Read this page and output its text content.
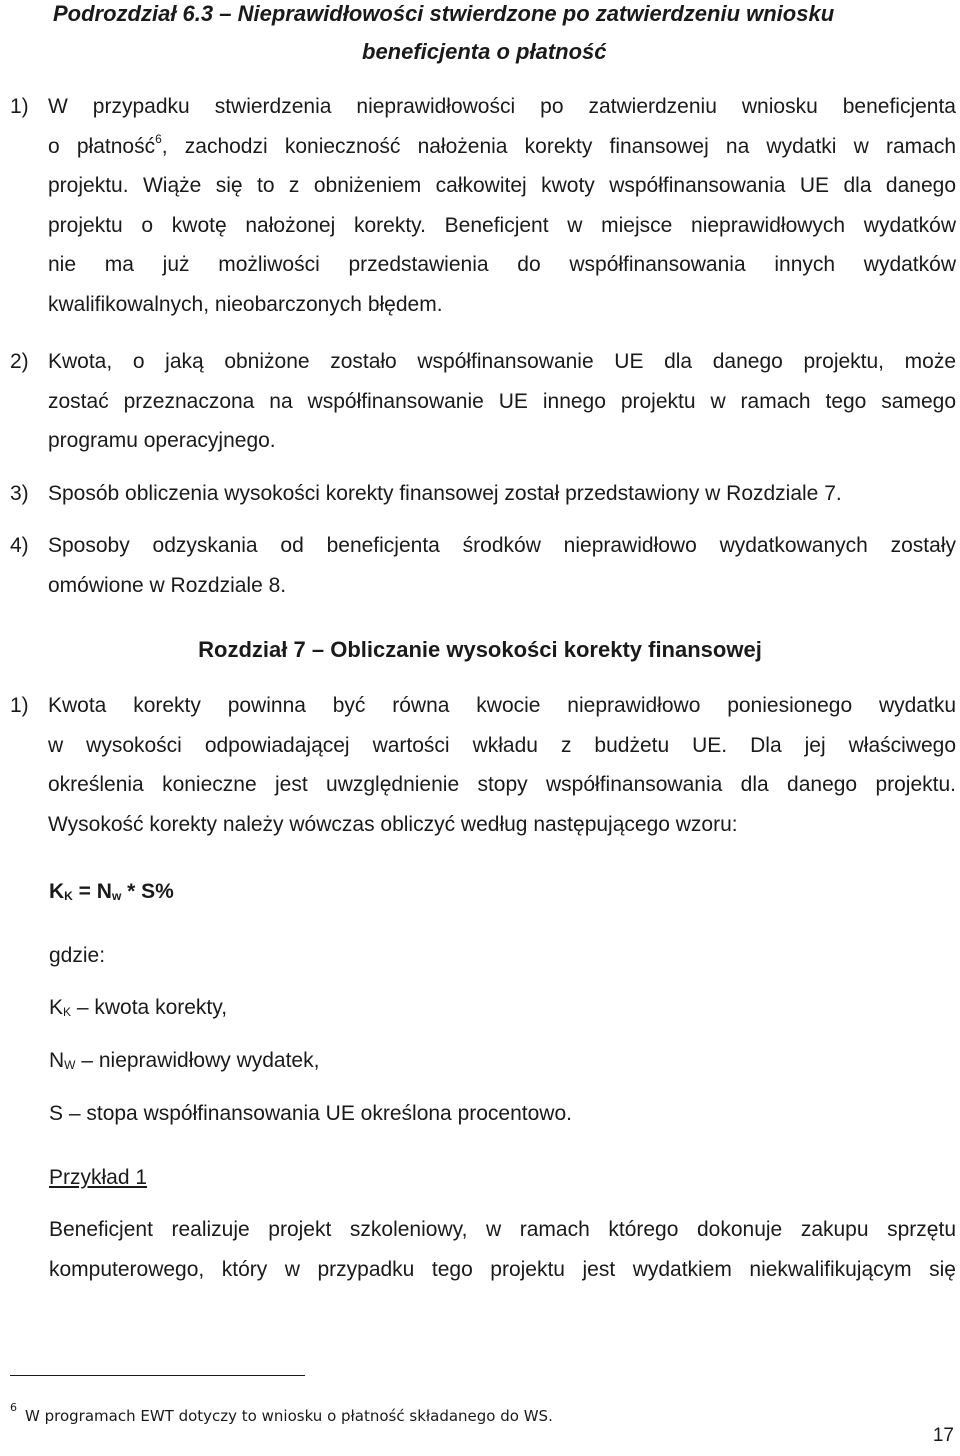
Podrozdział 6.3 – Nieprawidłowości stwierdzone po zatwierdzeniu wniosku
beneficjenta o płatność
1) W przypadku stwierdzenia nieprawidłowości po zatwierdzeniu wniosku beneficjenta
o płatność$^6$, zachodzi konieczność nałożenia korekty finansowej na wydatki w ramach
projektu. Wiąże się to z obniżeniem całkowitej kwoty współfinansowania UE dla danego
projektu o kwotę nałożonej korekty. Beneficjent w miejsce nieprawidłowych wydatków
nie ma już możliwości przedstawienia do współfinansowania innych wydatków
kwalifikowalnych, nieobarczonych błędem.
2) Kwota, o jaką obniżone zostało współfinansowanie UE dla danego projektu, może
zostać przeznaczona na współfinansowanie UE innego projektu w ramach tego samego
programu operacyjnego.
3) Sposób obliczenia wysokości korekty finansowej został przedstawiony w Rozdziale 7.
4) Sposoby odzyskania od beneficjenta środków nieprawidłowo wydatkowanych zostały
omówione w Rozdziale 8.
Rozdział 7 – Obliczanie wysokości korekty finansowej
1) Kwota korekty powinna być równa kwocie nieprawidłowo poniesionego wydatku
w wysokości odpowiadającej wartości wkładu z budżetu UE. Dla jej właściwego
określenia konieczne jest uwzględnienie stopy współfinansowania dla danego projektu.
Wysokość korekty należy wówczas obliczyć według następującego wzoru:
$K_K = N_w * S\%$
gdzie:
$K_K$ – kwota korekty,
$N_W$ – nieprawidłowy wydatek,
S – stopa współfinansowania UE określona procentowo.
Przykład 1
Beneficjent realizuje projekt szkoleniowy, w ramach którego dokonuje zakupu sprzętu
komputerowego, który w przypadku tego projektu jest wydatkiem niekwalifikującym się
$^6$ W programach EWT dotyczy to wniosku o płatność składanego do WS.
17
